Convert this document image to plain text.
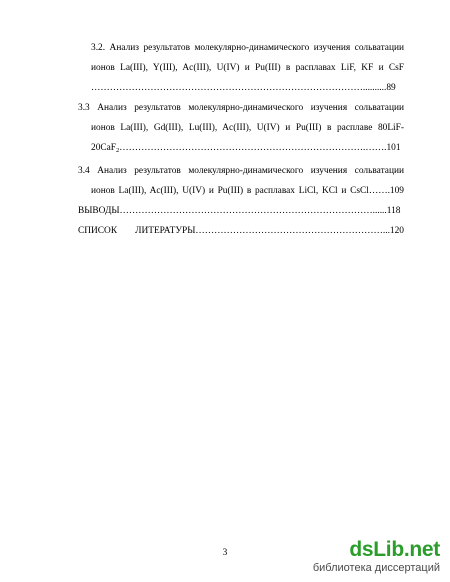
3.2. Анализ результатов молекулярно-динамического изучения сольватации
ионов La(III), Y(III), Ac(III), U(IV) и Pu(III) в расплавах LiF, KF и CsF
……………………………………………………………………………..........89
3.3 Анализ результатов молекулярно-динамического изучения сольватации
ионов La(III), Gd(III), Lu(III), Ac(III), U(IV) и Pu(III) в расплаве 80LiF-
20CaF$_2$…………………………………………………………………….…….101
3.4 Анализ результатов молекулярно-динамического изучения сольватации
ионов La(III), Ac(III), U(IV) и Pu(III) в расплавах LiCl, KCl и CsCl…….109
ВЫВОДЫ………………………………………………………………………......118
СПИСОК ЛИТЕРАТУРЫ……………………………………………………...120
3	dsLib.net
библиотека диссертаций
